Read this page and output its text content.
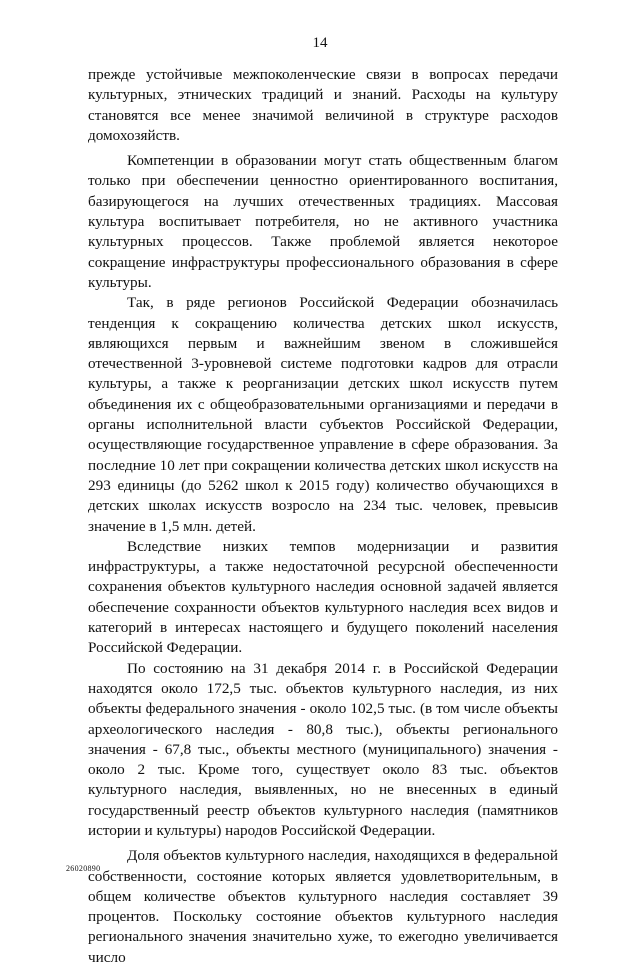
14

прежде устойчивые межпоколенческие связи в вопросах передачи культурных, этнических традиций и знаний. Расходы на культуру становятся все менее значимой величиной в структуре расходов домохозяйств.

Компетенции в образовании могут стать общественным благом только при обеспечении ценностно ориентированного воспитания, базирующегося на лучших отечественных традициях. Массовая культура воспитывает потребителя, но не активного участника культурных процессов. Также проблемой является некоторое сокращение инфраструктуры профессионального образования в сфере культуры.

Так, в ряде регионов Российской Федерации обозначилась тенденция к сокращению количества детских школ искусств, являющихся первым и важнейшим звеном в сложившейся отечественной 3-уровневой системе подготовки кадров для отрасли культуры, а также к реорганизации детских школ искусств путем объединения их с общеобразовательными организациями и передачи в органы исполнительной власти субъектов Российской Федерации, осуществляющие государственное управление в сфере образования. За последние 10 лет при сокращении количества детских школ искусств на 293 единицы (до 5262 школ к 2015 году) количество обучающихся в детских школах искусств возросло на 234 тыс. человек, превысив значение в 1,5 млн. детей.

Вследствие низких темпов модернизации и развития инфраструктуры, а также недостаточной ресурсной обеспеченности сохранения объектов культурного наследия основной задачей является обеспечение сохранности объектов культурного наследия всех видов и категорий в интересах настоящего и будущего поколений населения Российской Федерации.

По состоянию на 31 декабря 2014 г. в Российской Федерации находятся около 172,5 тыс. объектов культурного наследия, из них объекты федерального значения - около 102,5 тыс. (в том числе объекты археологического наследия - 80,8 тыс.), объекты регионального значения - 67,8 тыс., объекты местного (муниципального) значения - около 2 тыс. Кроме того, существует около 83 тыс. объектов культурного наследия, выявленных, но не внесенных в единый государственный реестр объектов культурного наследия (памятников истории и культуры) народов Российской Федерации.

Доля объектов культурного наследия, находящихся в федеральной собственности, состояние которых является удовлетворительным, в общем количестве объектов культурного наследия составляет 39 процентов. Поскольку состояние объектов культурного наследия регионального значения значительно хуже, то ежегодно увеличивается число

26020890
